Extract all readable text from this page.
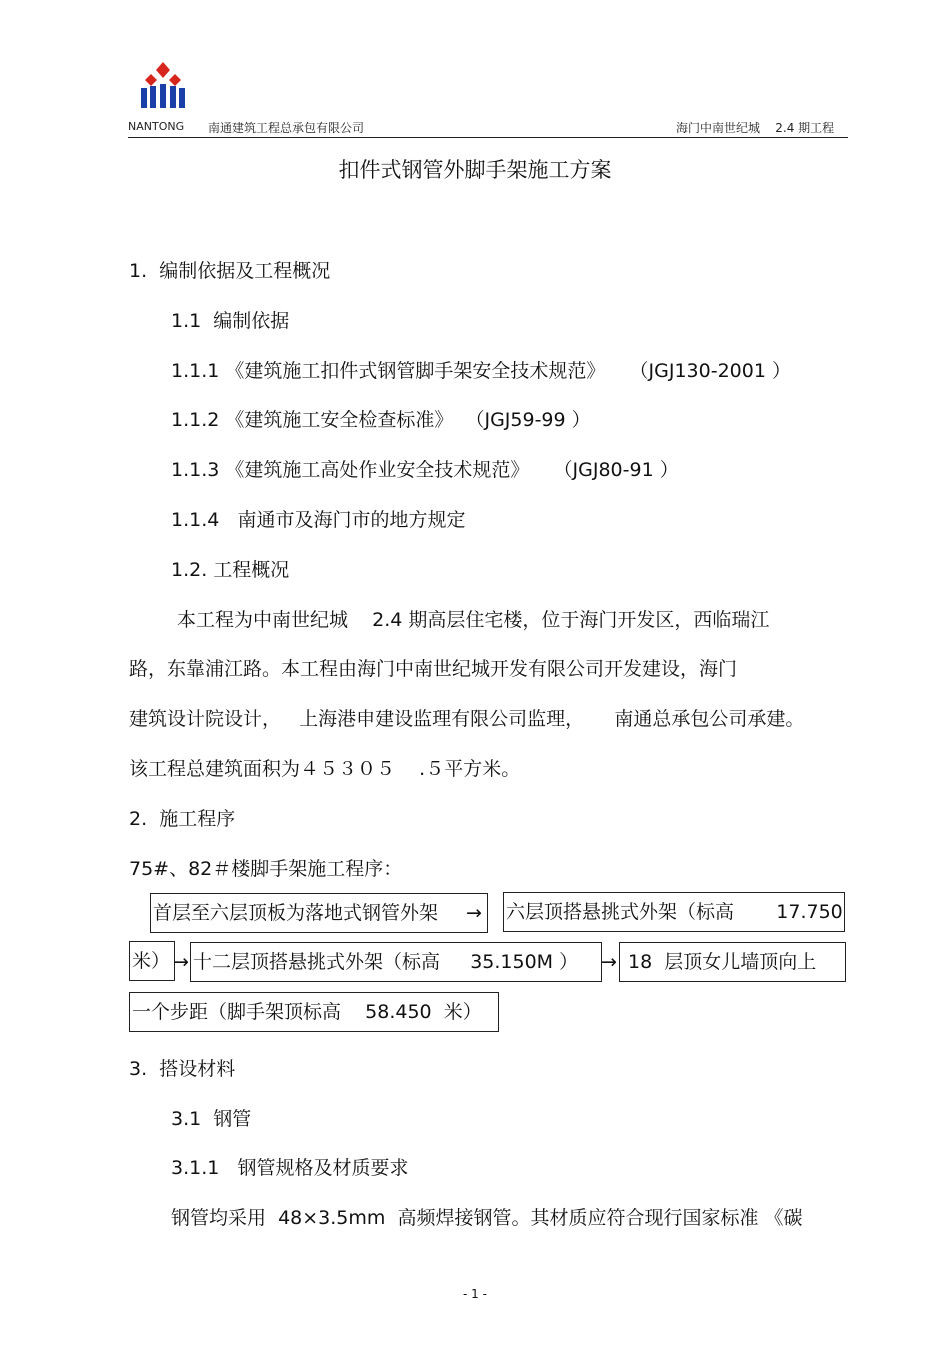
NANTONG 南通建筑工程总承包有限公司	海门中南世纪城    2.4 期工程
扣件式钢管外脚手架施工方案
1.  编制依据及工程概况
1.1  编制依据
1.1.1 《建筑施工扣件式钢管脚手架安全技术规范》    （JGJ130-2001 ）
1.1.2 《建筑施工安全检查标准》  （JGJ59-99 ）
1.1.3 《建筑施工高处作业安全技术规范》    （JGJ80-91 ）
1.1.4   南通市及海门市的地方规定
1.2. 工程概况
本工程为中南世纪城    2.4 期高层住宅楼，位于海门开发区，西临瑞江
路，东靠浦江路。本工程由海门中南世纪城开发有限公司开发建设，海门
建筑设计院设计，   上海港申建设监理有限公司监理，     南通总承包公司承建。
该工程总建筑面积为４５３０５    .５平方米。
2.  施工程序
75#、82＃楼脚手架施工程序：
首层至六层顶板为落地式钢管外架	→ 六层顶搭悬挑式外架（标高       17.750
米） → 十二层顶搭悬挑式外架（标高     35.150M ）	→ 18  层顶女儿墙顶向上
一个步距（脚手架顶标高    58.450  米）
3.  搭设材料
3.1  钢管
3.1.1   钢管规格及材质要求
钢管均采用  48×3.5mm  高频焊接钢管。其材质应符合现行国家标准 《碳
- 1 -
